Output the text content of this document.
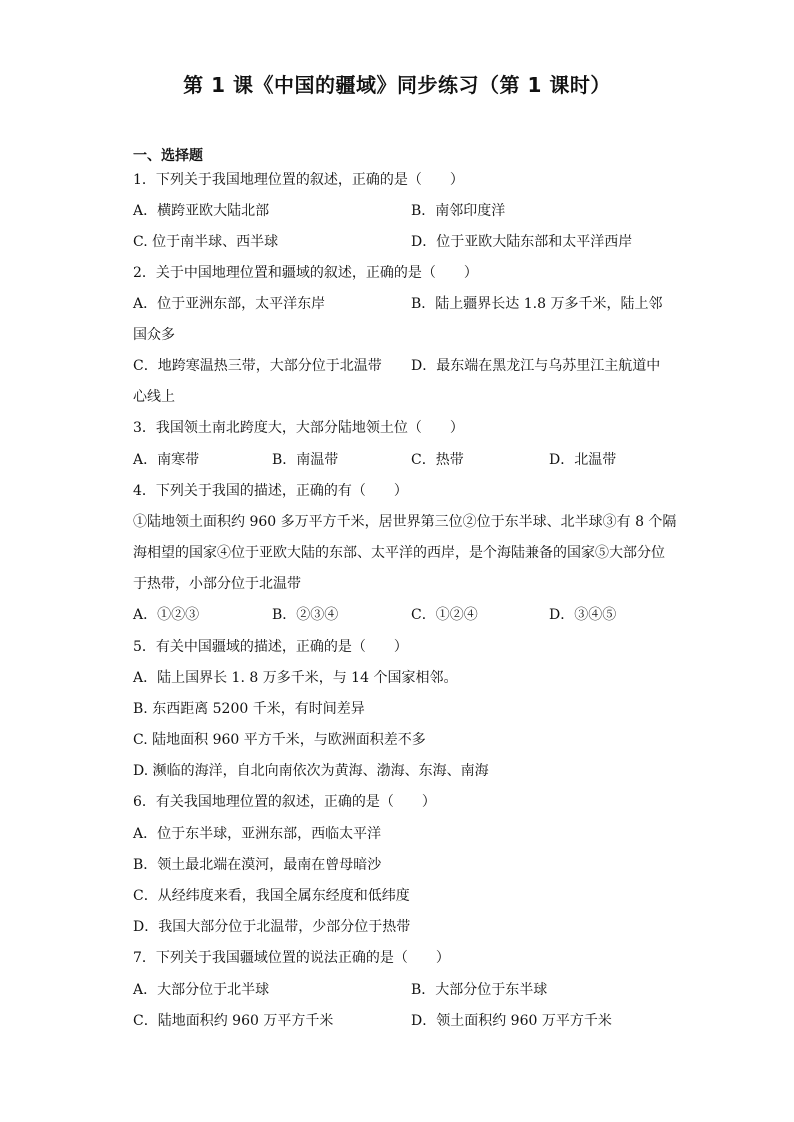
第 1 课《中国的疆域》同步练习（第 1 课时）
一、选择题
1．下列关于我国地理位置的叙述，正确的是（　　）
A．横跨亚欧大陆北部	B．南邻印度洋
C. 位于南半球、西半球	D．位于亚欧大陆东部和太平洋西岸
2．关于中国地理位置和疆域的叙述，正确的是（　　）
A．位于亚洲东部，太平洋东岸	B．陆上疆界长达 1.8 万多千米，陆上邻
国众多
C．地跨寒温热三带，大部分位于北温带 D．最东端在黑龙江与乌苏里江主航道中
心线上
3．我国领土南北跨度大，大部分陆地领土位（　　）
A．南寒带	B．南温带	C．热带	D．北温带
4．下列关于我国的描述，正确的有（　　）
①陆地领土面积约 960 多万平方千米，居世界第三位②位于东半球、北半球③有 8 个隔
海相望的国家④位于亚欧大陆的东部、太平洋的西岸，是个海陆兼备的国家⑤大部分位
于热带，小部分位于北温带
A．①②③	B．②③④	C．①②④	D．③④⑤
5．有关中国疆域的描述，正确的是（　　）
A．陆上国界长 1. 8 万多千米，与 14 个国家相邻。
B. 东西距离 5200 千米，有时间差异
C. 陆地面积 960 平方千米，与欧洲面积差不多
D. 濒临的海洋，自北向南依次为黄海、渤海、东海、南海
6．有关我国地理位置的叙述，正确的是（　　）
A．位于东半球，亚洲东部，西临太平洋
B．领土最北端在漠河，最南在曾母暗沙
C．从经纬度来看，我国全属东经度和低纬度
D．我国大部分位于北温带，少部分位于热带
7．下列关于我国疆域位置的说法正确的是（　　）
A．大部分位于北半球	B．大部分位于东半球
C．陆地面积约 960 万平方千米	D．领土面积约 960 万平方千米
